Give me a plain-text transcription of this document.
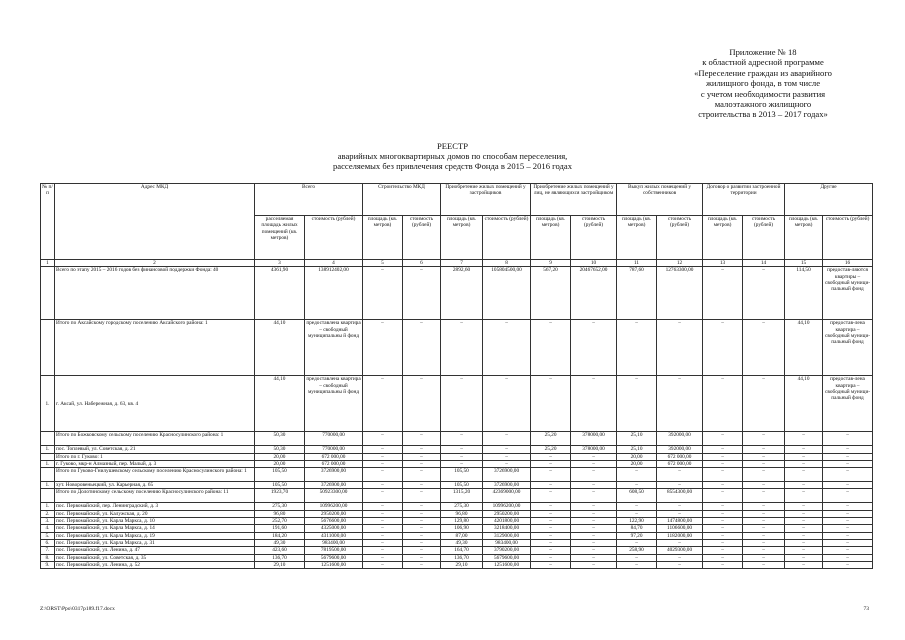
Приложение № 18
к областной адресной программе
«Переселение граждан из аварийного
жилищного фонда, в том числе
с учетом необходимости развития
малоэтажного жилищного
строительства в 2013 – 2017 годах»
РЕЕСТР
аварийных многоквартирных домов по способам переселения,
расселяемых без привлечения средств Фонда в 2015 – 2016 годах
№ п/п	Адрес МКД	Всего		Строительство МКД		Приобретение жилых помещений у застройщиков		Приобретение жилых помещений у лиц, не являющихся застройщиком		Выкуп жилых помещений у собственников		Договор о развитии застроенной территории		Другие	
		расселяемая площадь жилых помещений (кв. метров)	стоимость (рублей)	площадь (кв. метров)	стоимость (рублей)	площадь (кв. метров)	стоимость (рублей)	площадь (кв. метров)	стоимость (рублей)	площадь (кв. метров)	стоимость (рублей)	площадь (кв. метров)	стоимость (рублей)	площадь (кв. метров)	стоимость (рублей)
1	2	3	4	5	6	7	8	9	10	11	12	13	14	15	16
	Всего по этапу 2015 – 2016 годов без финансовой поддержки Фонда: 40	4361,90	138912402,00	–	–	2892,60	105804500,00	567,20	20467652,00	787,60	12763300,00	–	–	114,50	предостав-ляются квартиры – свободный муници-пальный фонд
	Итого по Аксайскому городскому поселению Аксайского района: 1	44,10	предоставлена квартира – свободный муниципальны й фонд	–	–	–	–	–	–	–	–	–	–	44,10	предостав-лена квартира – свободный муници-пальный фонд
1.	г. Аксай, ул. Набережная, д. 63, кв. 4	44,10	предоставлена квартира – свободный муниципальны й фонд	–	–	–	–	–	–	–	–	–	–	44,10	предостав-лена квартира – свободный муници-пальный фонд
	Итого по Божковскому сельскому поселению Красносулинского района: 1	50,30	770000,00	–	–	–	–	25,20	378000,00	25,10	392000,00	–	–	–	–
1.	пос. Топлевый, ул. Советская, д. 21	50,30	770000,00	–	–	–	–	25,20	378000,00	25,10	392000,00	–	–	–	–
	Итого по г. Гуково: 1	20,00	672 000,00	–	–	–	–	–	–	20,00	672 000,00	–	–	–	–
1.	г. Гуково, мкр-н Алмазный, пер. Малый, д. 3	20,00	672 000,00	–	–	–	–	–	–	20,00	672 000,00	–	–	–	–
	Итого по Гуково-Гнилушевскому сельскому поселению Красносулинского района: 1	105,50	3726900,00	–	–	105,50	3726900,00	–	–	–	–	–	–	–	–
1.	хут. Новоровеньецкий, ул. Карьерная, д. 65	105,50	3726900,00	–	–	105,50	3726900,00	–	–	–	–	–	–	–	–
	Итого по Долотинскому сельскому поселению Красносулинского района: 11	1923,70	50923300,00	–	–	1315,20	42369000,00	–	–	608,50	8554300,00	–	–	–	–
1.	пос. Первомайский, пер. Ленинградский, д. 3	275,30	10996200,00	–	–	275,30	10996200,00	–	–	–	–	–	–	–	–
2.	пос. Первомайский, ул. Калужская, д. 20	96,80	2950200,00	–	–	96,80	2950200,00	–	–	–	–	–	–	–	–
3.	пос. Первомайский, ул. Карла Маркса, д. 10	252,70	5676600,00	–	–	129,80	4201800,00	–	–	122,90	1474800,00	–	–	–	–
4.	пос. Первомайский, ул. Карла Маркса, д. 14	191,60	4325000,00	–	–	106,90	3218400,00	–	–	84,70	1106600,00	–	–	–	–
5.	пос. Первомайский, ул. Карла Маркса, д. 19	184,20	4311000,00	–	–	87,00	3129000,00	–	–	97,20	1182000,00	–	–	–	–
6.	пос. Первомайский, ул. Карла Маркса, д. 31	49,30	983400,00	–	–	49,30	983400,00	–	–	–	–	–	–	–	–
7.	пос. Первомайский, ул. Ленина, д. 47	423,60	7819500,00	–	–	164,70	3790200,00	–	–	258,90	4029300,00	–	–	–	–
8.	пос. Первомайский, ул. Советская, д. 35	136,70	5679600,00	–	–	136,70	5679600,00	–	–	–	–	–	–	–	–
9.	пос. Первомайский, ул. Ленина, д. 52	29,10	1251600,00	–	–	29,10	1251600,00	–	–	–	–	–	–	–	–
Z:\ORST\Ppo\0317p189.f17.docx	73
